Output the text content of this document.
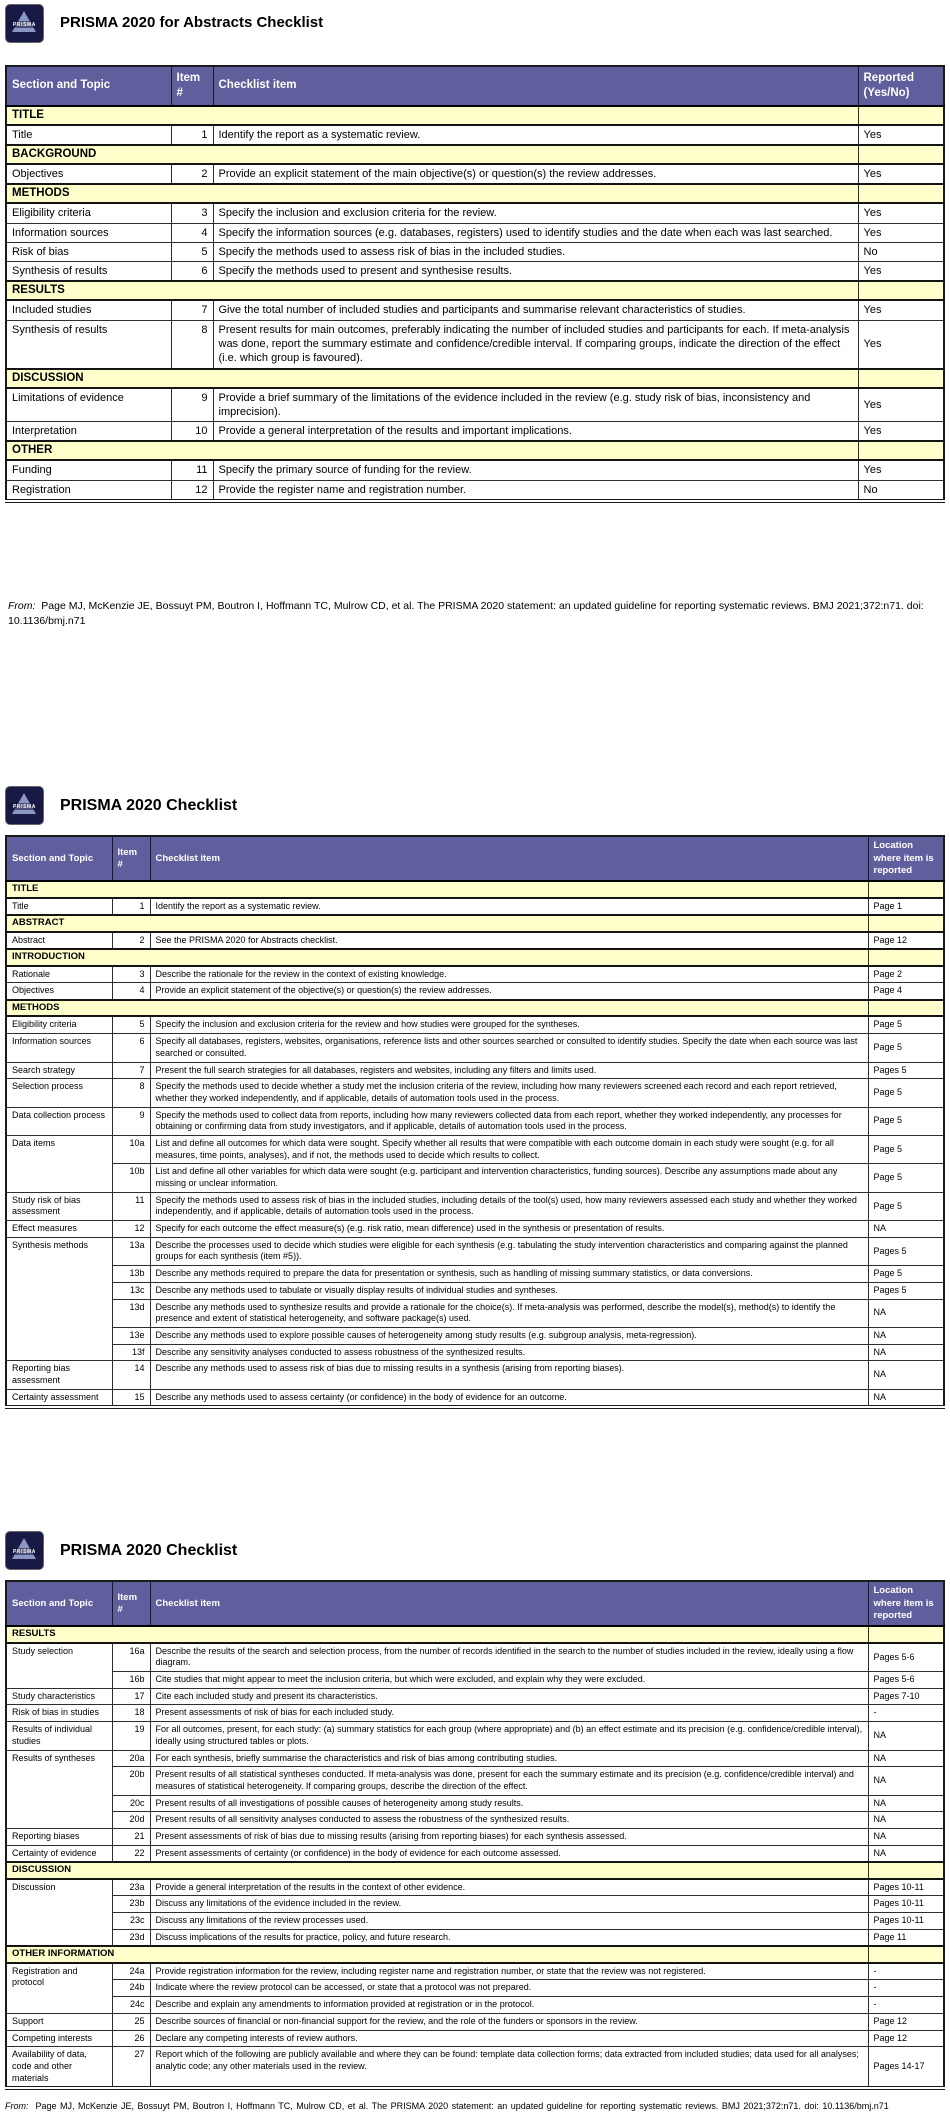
PRISMA	PRISMA 2020 for Abstracts Checklist
Section and Topic	Item #	Checklist item	Reported (Yes/No)
TITLE			
Title	1	Identify the report as a systematic review.	Yes
BACKGROUND			
Objectives	2	Provide an explicit statement of the main objective(s) or question(s) the review addresses.	Yes
METHODS			
Eligibility criteria	3	Specify the inclusion and exclusion criteria for the review.	Yes
Information sources	4	Specify the information sources (e.g. databases, registers) used to identify studies and the date when each was last searched.	Yes
Risk of bias	5	Specify the methods used to assess risk of bias in the included studies.	No
Synthesis of results	6	Specify the methods used to present and synthesise results.	Yes
RESULTS			
Included studies	7	Give the total number of included studies and participants and summarise relevant characteristics of studies.	Yes
Synthesis of results	8	Present results for main outcomes, preferably indicating the number of included studies and participants for each. If meta-analysis was done, report the summary estimate and confidence/credible interval. If comparing groups, indicate the direction of the effect (i.e. which group is favoured).	Yes
DISCUSSION			
Limitations of evidence	9	Provide a brief summary of the limitations of the evidence included in the review (e.g. study risk of bias, inconsistency and imprecision).	Yes
Interpretation	10	Provide a general interpretation of the results and important implications.	Yes
OTHER			
Funding	11	Specify the primary source of funding for the review.	Yes
Registration	12	Provide the register name and registration number.	No

From: Page MJ, McKenzie JE, Bossuyt PM, Boutron I, Hoffmann TC, Mulrow CD, et al. The PRISMA 2020 statement: an updated guideline for reporting systematic reviews. BMJ 2021;372:n71. doi: 10.1136/bmj.n71

PRISMA	PRISMA 2020 Checklist
Section and Topic	Item #	Checklist item	Location where item is reported
TITLE			
Title	1	Identify the report as a systematic review.	Page 1
ABSTRACT			
Abstract	2	See the PRISMA 2020 for Abstracts checklist.	Page 12
INTRODUCTION			
Rationale	3	Describe the rationale for the review in the context of existing knowledge.	Page 2
Objectives	4	Provide an explicit statement of the objective(s) or question(s) the review addresses.	Page 4
METHODS			
Eligibility criteria	5	Specify the inclusion and exclusion criteria for the review and how studies were grouped for the syntheses.	Page 5
Information sources	6	Specify all databases, registers, websites, organisations, reference lists and other sources searched or consulted to identify studies. Specify the date when each source was last searched or consulted.	Page 5
Search strategy	7	Present the full search strategies for all databases, registers and websites, including any filters and limits used.	Pages 5
Selection process	8	Specify the methods used to decide whether a study met the inclusion criteria of the review, including how many reviewers screened each record and each report retrieved, whether they worked independently, and if applicable, details of automation tools used in the process.	Page 5
Data collection process	9	Specify the methods used to collect data from reports, including how many reviewers collected data from each report, whether they worked independently, any processes for obtaining or confirming data from study investigators, and if applicable, details of automation tools used in the process.	Page 5
Data items	10a	List and define all outcomes for which data were sought. Specify whether all results that were compatible with each outcome domain in each study were sought (e.g. for all measures, time points, analyses), and if not, the methods used to decide which results to collect.	Page 5
	10b	List and define all other variables for which data were sought (e.g. participant and intervention characteristics, funding sources). Describe any assumptions made about any missing or unclear information.	Page 5
Study risk of bias assessment	11	Specify the methods used to assess risk of bias in the included studies, including details of the tool(s) used, how many reviewers assessed each study and whether they worked independently, and if applicable, details of automation tools used in the process.	Page 5
Effect measures	12	Specify for each outcome the effect measure(s) (e.g. risk ratio, mean difference) used in the synthesis or presentation of results.	NA
Synthesis methods	13a	Describe the processes used to decide which studies were eligible for each synthesis (e.g. tabulating the study intervention characteristics and comparing against the planned groups for each synthesis (item #5)).	Pages 5
	13b	Describe any methods required to prepare the data for presentation or synthesis, such as handling of missing summary statistics, or data conversions.	Page 5
	13c	Describe any methods used to tabulate or visually display results of individual studies and syntheses.	Pages 5
	13d	Describe any methods used to synthesize results and provide a rationale for the choice(s). If meta-analysis was performed, describe the model(s), method(s) to identify the presence and extent of statistical heterogeneity, and software package(s) used.	NA
	13e	Describe any methods used to explore possible causes of heterogeneity among study results (e.g. subgroup analysis, meta-regression).	NA
	13f	Describe any sensitivity analyses conducted to assess robustness of the synthesized results.	NA
Reporting bias assessment	14	Describe any methods used to assess risk of bias due to missing results in a synthesis (arising from reporting biases).	NA
Certainty assessment	15	Describe any methods used to assess certainty (or confidence) in the body of evidence for an outcome.	NA
PRISMA	PRISMA 2020 Checklist
Section and Topic	Item #	Checklist item	Location where item is reported
RESULTS			
Study selection	16a	Describe the results of the search and selection process, from the number of records identified in the search to the number of studies included in the review, ideally using a flow diagram.	Pages 5-6
	16b	Cite studies that might appear to meet the inclusion criteria, but which were excluded, and explain why they were excluded.	Pages 5-6
Study characteristics	17	Cite each included study and present its characteristics.	Pages 7-10
Risk of bias in studies	18	Present assessments of risk of bias for each included study.	-
Results of individual studies	19	For all outcomes, present, for each study: (a) summary statistics for each group (where appropriate) and (b) an effect estimate and its precision (e.g. confidence/credible interval), ideally using structured tables or plots.	NA
Results of syntheses	20a	For each synthesis, briefly summarise the characteristics and risk of bias among contributing studies.	NA
	20b	Present results of all statistical syntheses conducted. If meta-analysis was done, present for each the summary estimate and its precision (e.g. confidence/credible interval) and measures of statistical heterogeneity. If comparing groups, describe the direction of the effect.	NA
	20c	Present results of all investigations of possible causes of heterogeneity among study results.	NA
	20d	Present results of all sensitivity analyses conducted to assess the robustness of the synthesized results.	NA
Reporting biases	21	Present assessments of risk of bias due to missing results (arising from reporting biases) for each synthesis assessed.	NA
Certainty of evidence	22	Present assessments of certainty (or confidence) in the body of evidence for each outcome assessed.	NA
DISCUSSION			
Discussion	23a	Provide a general interpretation of the results in the context of other evidence.	Pages 10-11
	23b	Discuss any limitations of the evidence included in the review.	Pages 10-11
	23c	Discuss any limitations of the review processes used.	Pages 10-11
	23d	Discuss implications of the results for practice, policy, and future research.	Page 11
OTHER INFORMATION			
Registration and protocol	24a	Provide registration information for the review, including register name and registration number, or state that the review was not registered.	-
	24b	Indicate where the review protocol can be accessed, or state that a protocol was not prepared.	-
	24c	Describe and explain any amendments to information provided at registration or in the protocol.	-
Support	25	Describe sources of financial or non-financial support for the review, and the role of the funders or sponsors in the review.	Page 12
Competing interests	26	Declare any competing interests of review authors.	Page 12
Availability of data, code and other materials	27	Report which of the following are publicly available and where they can be found: template data collection forms; data extracted from included studies; data used for all analyses; analytic code; any other materials used in the review.	Pages 14-17

From: Page MJ, McKenzie JE, Bossuyt PM, Boutron I, Hoffmann TC, Mulrow CD, et al. The PRISMA 2020 statement: an updated guideline for reporting systematic reviews. BMJ 2021;372:n71. doi: 10.1136/bmj.n71
